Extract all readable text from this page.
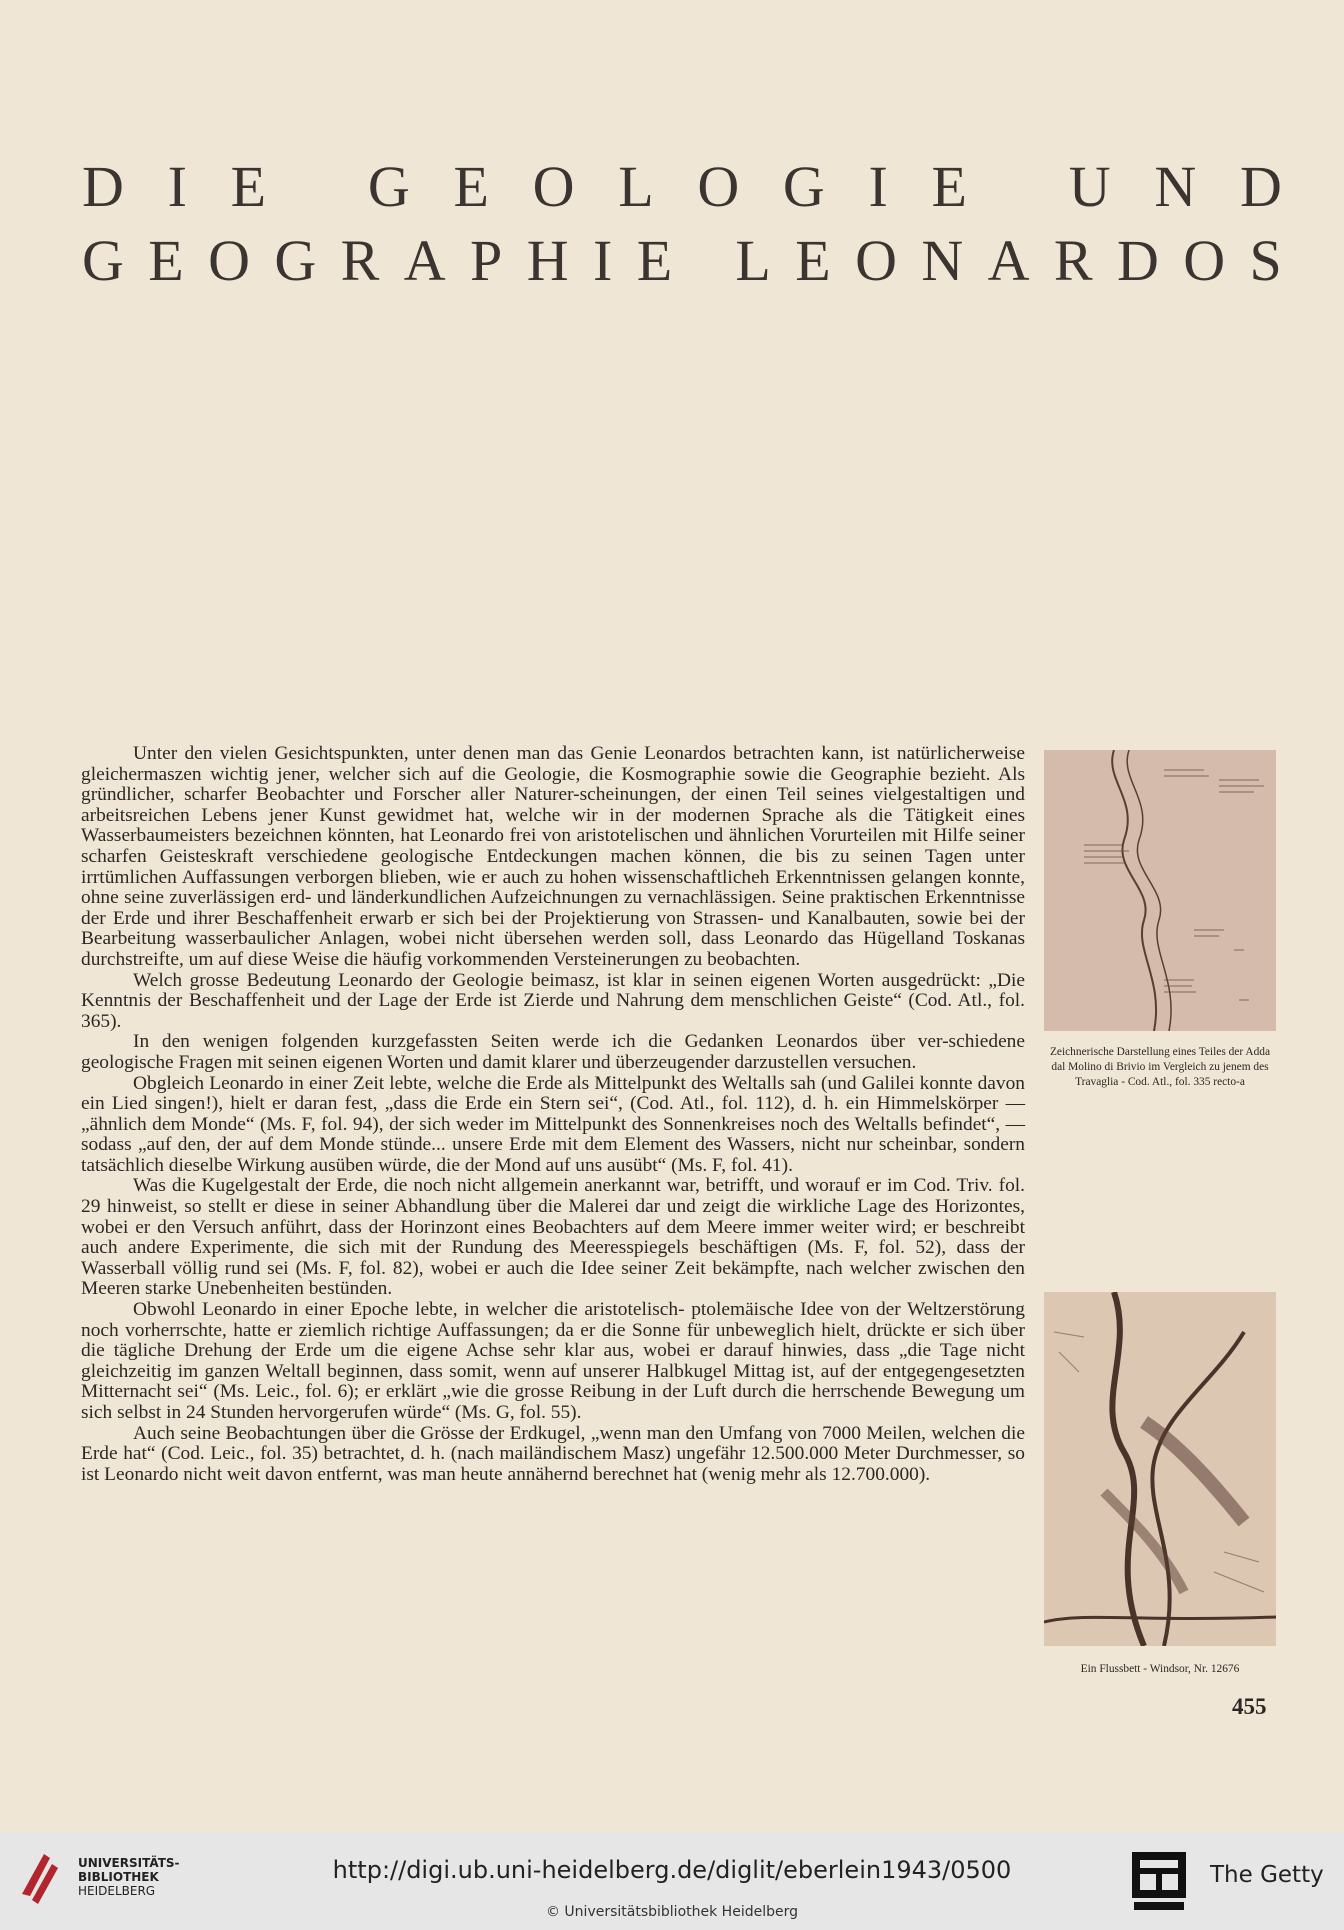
D I E
G E O L O G I E
U N D
G E O G R A P H I E
L E O N A R D O S

Unter den vielen Gesichtspunkten, unter denen man das Genie Leonardos betrachten kann, ist natürlicherweise gleichermaszen wichtig jener, welcher sich auf die Geologie, die Kosmographie sowie die Geographie bezieht. Als gründlicher, scharfer Beobachter und Forscher aller Naturer-scheinungen, der einen Teil seines vielgestaltigen und arbeitsreichen Lebens jener Kunst gewidmet hat, welche wir in der modernen Sprache als die Tätigkeit eines Wasserbaumeisters bezeichnen könnten, hat Leonardo frei von aristotelischen und ähnlichen Vorurteilen mit Hilfe seiner scharfen Geisteskraft verschiedene geologische Entdeckungen machen können, die bis zu seinen Tagen unter irrtümlichen Auffassungen verborgen blieben, wie er auch zu hohen wissenschaftlicheh Erkenntnissen gelangen konnte, ohne seine zuverlässigen erd- und länderkundlichen Aufzeichnungen zu vernachlässigen. Seine praktischen Erkenntnisse der Erde und ihrer Beschaffenheit erwarb er sich bei der Projektierung von Strassen- und Kanalbauten, sowie bei der Bearbeitung wasserbaulicher Anlagen, wobei nicht übersehen werden soll, dass Leonardo das Hügelland Toskanas durchstreifte, um auf diese Weise die häufig vorkommenden Versteinerungen zu beobachten.

Welch grosse Bedeutung Leonardo der Geologie beimasz, ist klar in seinen eigenen Worten ausgedrückt: „Die Kenntnis der Beschaffenheit und der Lage der Erde ist Zierde und Nahrung dem menschlichen Geiste“ (Cod. Atl., fol. 365).

In den wenigen folgenden kurzgefassten Seiten werde ich die Gedanken Leonardos über ver-schiedene geologische Fragen mit seinen eigenen Worten und damit klarer und überzeugender darzustellen versuchen.

Obgleich Leonardo in einer Zeit lebte, welche die Erde als Mittelpunkt des Weltalls sah (und Galilei konnte davon ein Lied singen!), hielt er daran fest, „dass die Erde ein Stern sei“, (Cod. Atl., fol. 112), d. h. ein Himmelskörper — „ähnlich dem Monde“ (Ms. F, fol. 94), der sich weder im Mittelpunkt des Sonnenkreises noch des Weltalls befindet“, — sodass „auf den, der auf dem Monde stünde... unsere Erde mit dem Element des Wassers, nicht nur scheinbar, sondern tatsächlich dieselbe Wirkung ausüben würde, die der Mond auf uns ausübt“ (Ms. F, fol. 41).

Was die Kugelgestalt der Erde, die noch nicht allgemein anerkannt war, betrifft, und worauf er im Cod. Triv. fol. 29 hinweist, so stellt er diese in seiner Abhandlung über die Malerei dar und zeigt die wirkliche Lage des Horizontes, wobei er den Versuch anführt, dass der Horinzont eines Beobachters auf dem Meere immer weiter wird; er beschreibt auch andere Experimente, die sich mit der Rundung des Meeresspiegels beschäftigen (Ms. F, fol. 52), dass der Wasserball völlig rund sei (Ms. F, fol. 82), wobei er auch die Idee seiner Zeit bekämpfte, nach welcher zwischen den Meeren starke Unebenheiten bestünden.

Obwohl Leonardo in einer Epoche lebte, in welcher die aristotelisch- ptolemäische Idee von der Weltzerstörung noch vorherrschte, hatte er ziemlich richtige Auffassungen; da er die Sonne für unbeweglich hielt, drückte er sich über die tägliche Drehung der Erde um die eigene Achse sehr klar aus, wobei er darauf hinwies, dass „die Tage nicht gleichzeitig im ganzen Weltall beginnen, dass somit, wenn auf unserer Halbkugel Mittag ist, auf der entgegengesetzten Mitternacht sei“ (Ms. Leic., fol. 6); er erklärt „wie die grosse Reibung in der Luft durch die herrschende Bewegung um sich selbst in 24 Stunden hervorgerufen würde“ (Ms. G, fol. 55).

Auch seine Beobachtungen über die Grösse der Erdkugel, „wenn man den Umfang von 7000 Meilen, welchen die Erde hat“ (Cod. Leic., fol. 35) betrachtet, d. h. (nach mailändischem Masz) ungefähr 12.500.000 Meter Durchmesser, so ist Leonardo nicht weit davon entfernt, was man heute annähernd berechnet hat (wenig mehr als 12.700.000).

Zeichnerische Darstellung eines Teiles der Adda dal Molino di Brivio im Vergleich zu jenem des Travaglia - Cod. Atl., fol. 335 recto-a
Ein Flussbett - Windsor, Nr. 12676
455
UNIVERSITÄTS-
BIBLIOTHEK
HEIDELBERG
http://digi.ub.uni-heidelberg.de/diglit/eberlein1943/0500
© Universitätsbibliothek Heidelberg
The Getty
